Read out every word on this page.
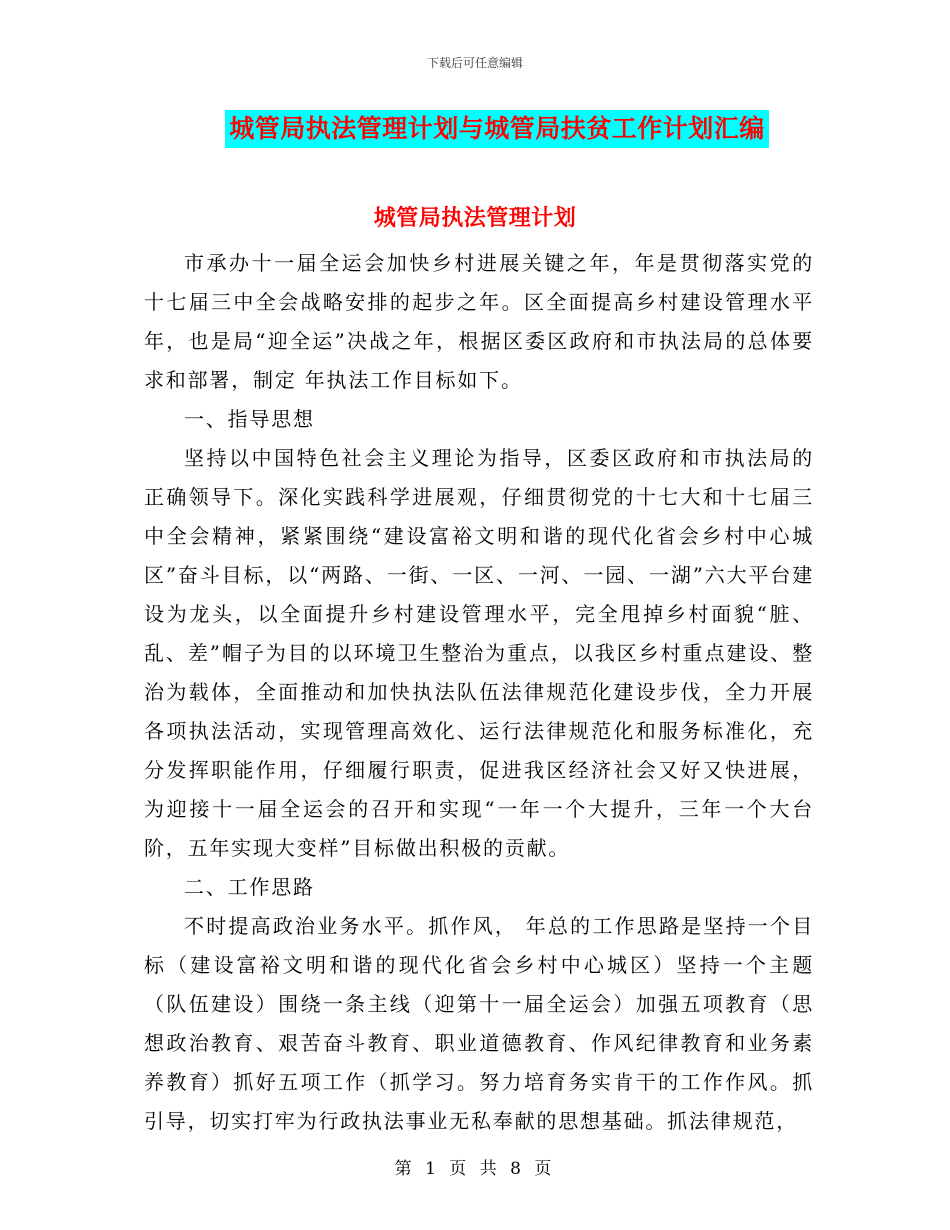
下载后可任意编辑
城管局执法管理计划与城管局扶贫工作计划汇编
城管局执法管理计划

市承办十一届全运会加快乡村进展关键之年，年是贯彻落实党的十七届三中全会战略安排的起步之年。区全面提高乡村建设管理水平年，也是局“迎全运”决战之年，根据区委区政府和市执法局的总体要求和部署，制定 年执法工作目标如下。

一、指导思想

坚持以中国特色社会主义理论为指导，区委区政府和市执法局的正确领导下。深化实践科学进展观，仔细贯彻党的十七大和十七届三中全会精神，紧紧围绕“建设富裕文明和谐的现代化省会乡村中心城区”奋斗目标，以“两路、一街、一区、一河、一园、一湖”六大平台建设为龙头，以全面提升乡村建设管理水平，完全甩掉乡村面貌“脏、乱、差”帽子为目的以环境卫生整治为重点，以我区乡村重点建设、整治为载体，全面推动和加快执法队伍法律规范化建设步伐，全力开展各项执法活动，实现管理高效化、运行法律规范化和服务标准化，充分发挥职能作用，仔细履行职责，促进我区经济社会又好又快进展，为迎接十一届全运会的召开和实现“一年一个大提升，三年一个大台阶，五年实现大变样”目标做出积极的贡献。

二、工作思路

不时提高政治业务水平。抓作风， 年总的工作思路是坚持一个目标（建设富裕文明和谐的现代化省会乡村中心城区）坚持一个主题（队伍建设）围绕一条主线（迎第十一届全运会）加强五项教育（思想政治教育、艰苦奋斗教育、职业道德教育、作风纪律教育和业务素养教育）抓好五项工作（抓学习。努力培育务实肯干的工作作风。抓引导，切实打牢为行政执法事业无私奉献的思想基础。抓法律规范，

第 1 页 共 8 页
